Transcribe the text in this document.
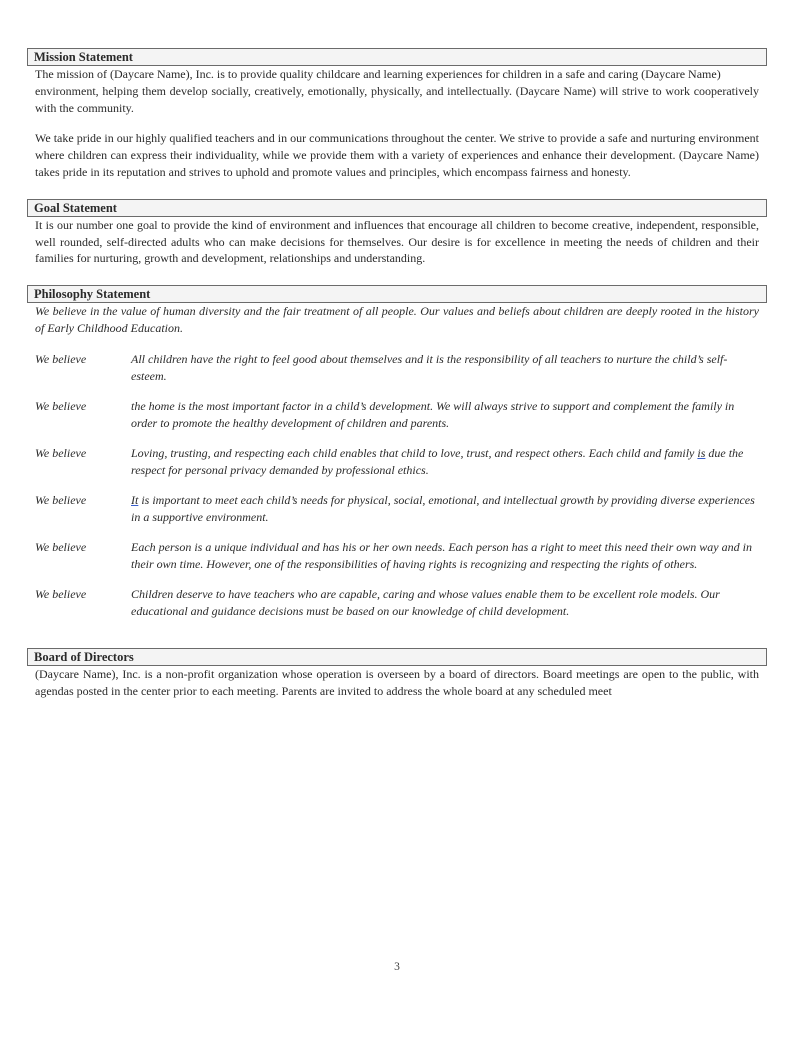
Mission Statement

The mission of (Daycare Name), Inc. is to provide quality childcare and learning experiences for children in a safe and caring (Daycare Name)
environment, helping them develop socially, creatively, emotionally, physically, and intellectually. (Daycare Name) will strive to work cooperatively with the community.

We take pride in our highly qualified teachers and in our communications throughout the center. We strive to provide a safe and nurturing environment where children can express their individuality, while we provide them with a variety of experiences and enhance their development. (Daycare Name) takes pride in its reputation and strives to uphold and promote values and principles, which encompass fairness and honesty.

Goal Statement

It is our number one goal to provide the kind of environment and influences that encourage all children to become creative, independent, responsible, well rounded, self-directed adults who can make decisions for themselves. Our desire is for excellence in meeting the needs of children and their families for nurturing, growth and development, relationships and understanding.

Philosophy Statement

We believe in the value of human diversity and the fair treatment of all people. Our values and beliefs about children are deeply rooted in the history of Early Childhood Education.

We believe	All children have the right to feel good about themselves and it is the responsibility of all teachers to nurture the child’s self-esteem.
We believe	the home is the most important factor in a child’s development. We will always strive to support and complement the family in order to promote the healthy development of children and parents.
We believe	Loving, trusting, and respecting each child enables that child to love, trust, and respect others. Each child and family is due the respect for personal privacy demanded by professional ethics.
We believe	It is important to meet each child’s needs for physical, social, emotional, and intellectual growth by providing diverse experiences in a supportive environment.
We believe	Each person is a unique individual and has his or her own needs. Each person has a right to meet this need their own way and in their own time. However, one of the responsibilities of having rights is recognizing and respecting the rights of others.
We believe	Children deserve to have teachers who are capable, caring and whose values enable them to be excellent role models. Our educational and guidance decisions must be based on our knowledge of child development.
Board of Directors

(Daycare Name), Inc. is a non-profit organization whose operation is overseen by a board of directors. Board meetings are open to the public, with agendas posted in the center prior to each meeting. Parents are invited to address the whole board at any scheduled meet

3
